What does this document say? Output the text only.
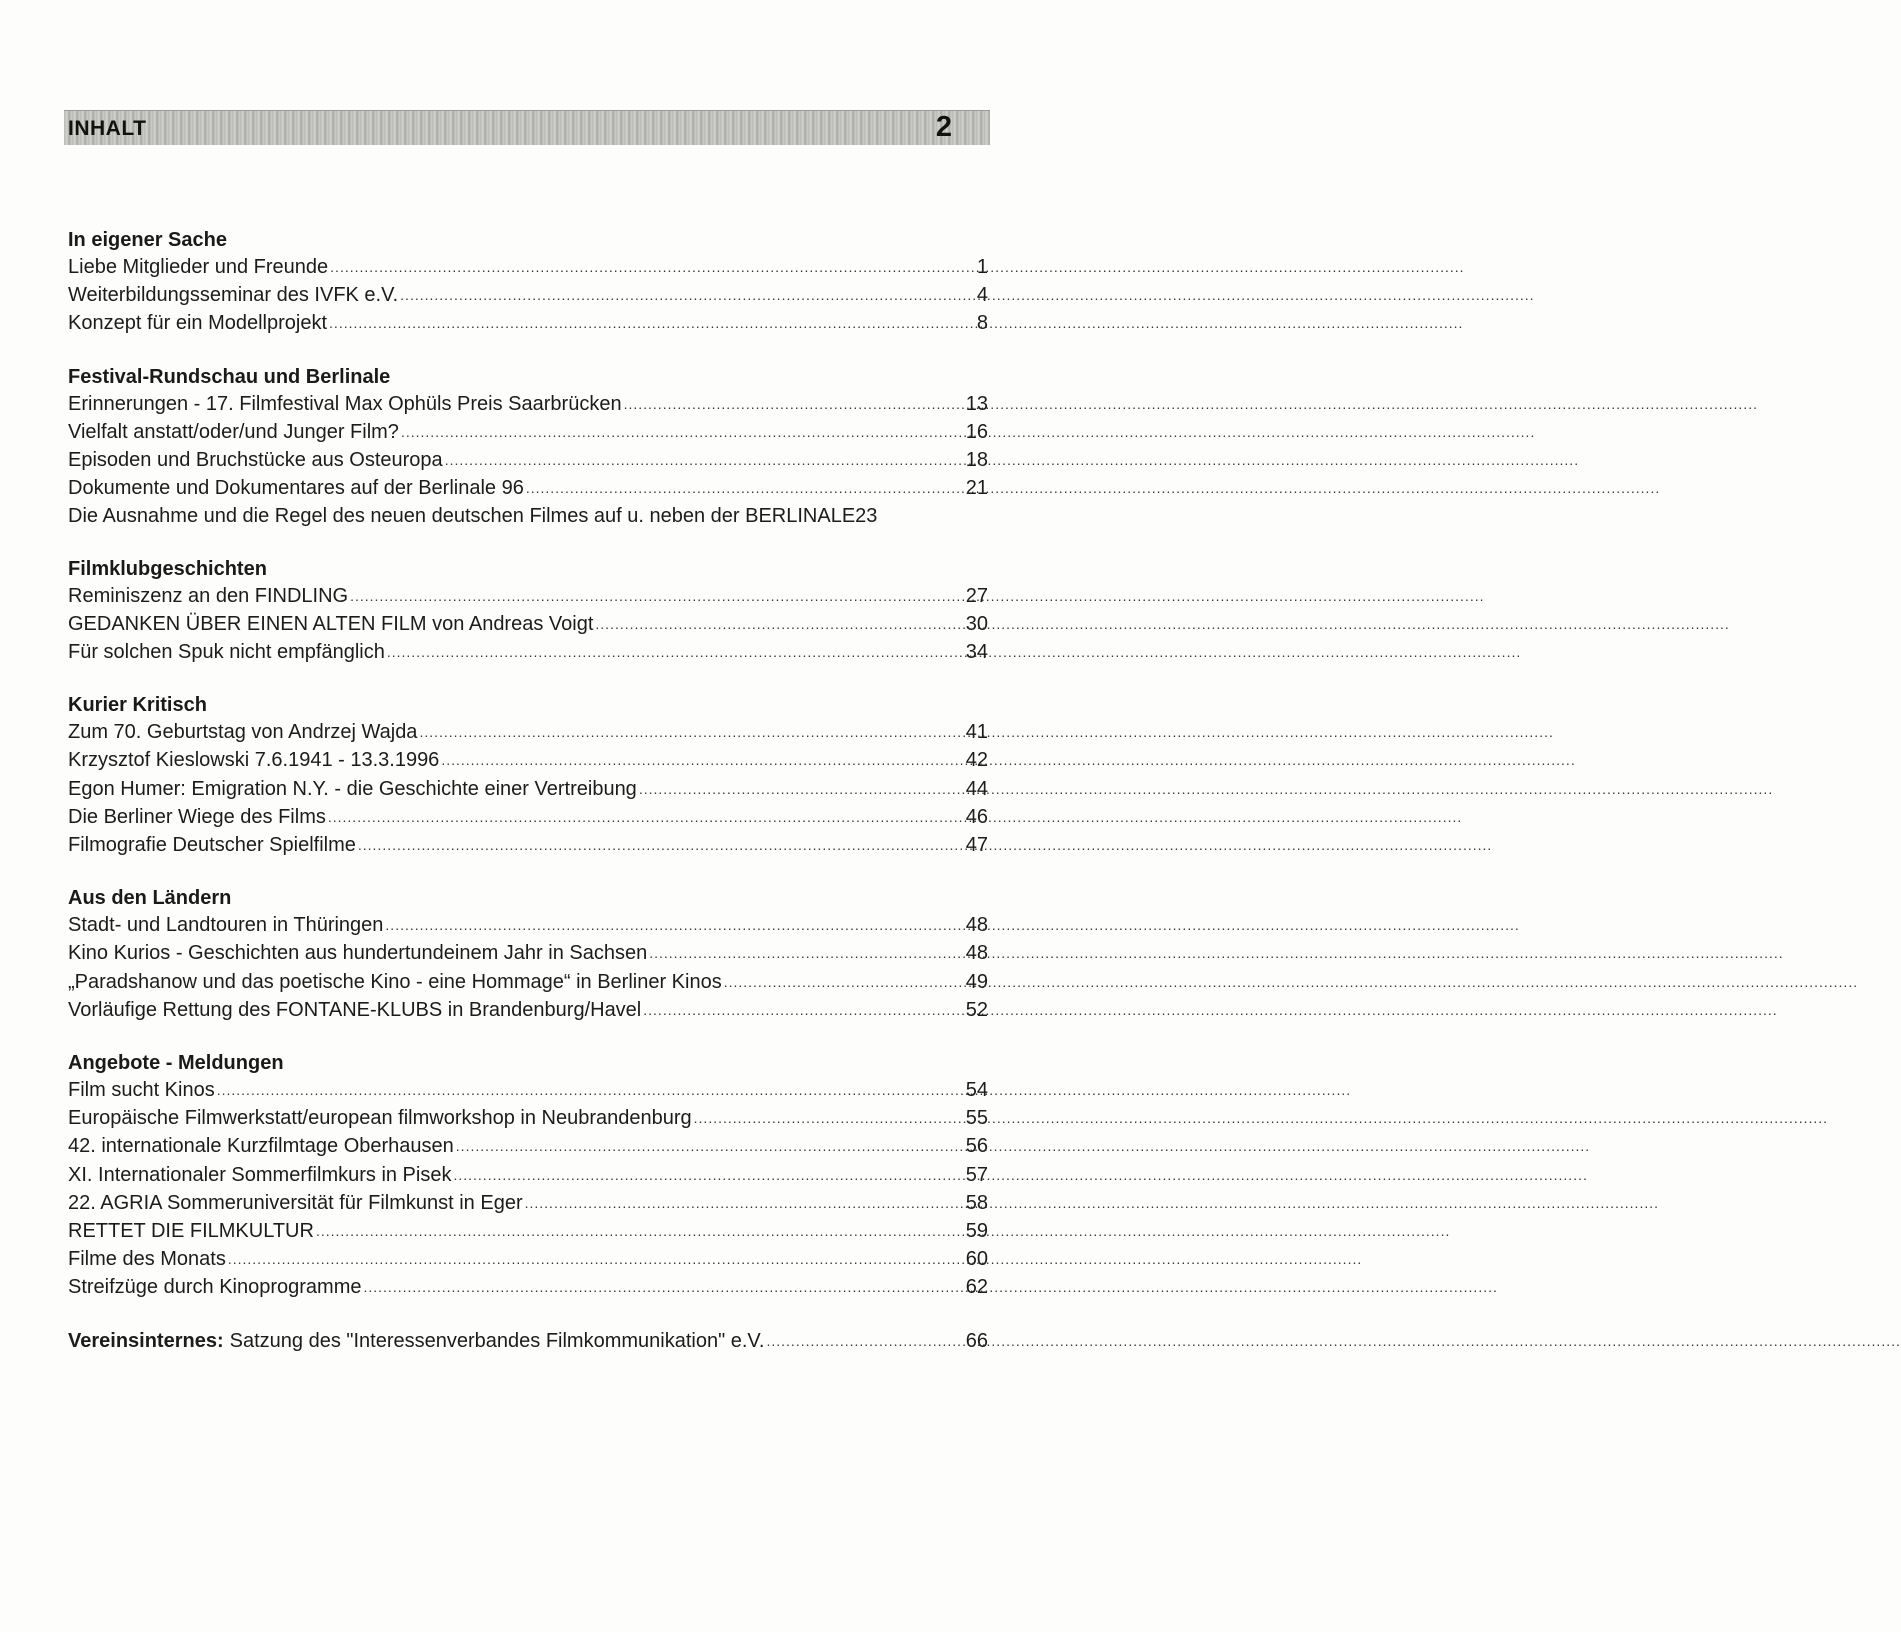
INHALT	2
In eigener Sache
Liebe Mitglieder und Freunde .....	1
Weiterbildungsseminar des IVFK e.V. .....	4
Konzept für ein Modellprojekt .....	8
Festival-Rundschau und Berlinale
Erinnerungen - 17. Filmfestival Max Ophüls Preis Saarbrücken .....	13
Vielfalt anstatt/oder/und Junger Film? .....	16
Episoden und Bruchstücke aus Osteuropa .....	18
Dokumente und Dokumentares auf der Berlinale 96 .....	21
Die Ausnahme und die Regel des neuen deutschen Filmes auf u. neben der BERLINALE 23
Filmklubgeschichten
Reminiszenz an den FINDLING .....	27
GEDANKEN ÜBER EINEN ALTEN FILM von Andreas Voigt .....	30
Für solchen Spuk nicht empfänglich .....	34
Kurier Kritisch
Zum 70. Geburtstag von Andrzej Wajda .....	41
Krzysztof Kieslowski 7.6.1941 - 13.3.1996 .....	42
Egon Humer: Emigration N.Y. - die Geschichte einer Vertreibung .....	44
Die Berliner Wiege des Films .....	46
Filmografie Deutscher Spielfilme .....	47
Aus den Ländern
Stadt- und Landtouren in Thüringen .....	48
Kino Kurios - Geschichten aus hundertundeinem Jahr in Sachsen .....	48
„Paradshanow und das poetische Kino - eine Hommage“ in Berliner Kinos .....	49
Vorläufige Rettung des FONTANE-KLUBS in Brandenburg/Havel .....	52
Angebote - Meldungen
Film sucht Kinos .....	54
Europäische Filmwerkstatt/european filmworkshop in Neubrandenburg .....	55
42. internationale Kurzfilmtage Oberhausen .....	56
XI. Internationaler Sommerfilmkurs in Pisek .....	57
22. AGRIA Sommeruniversität für Filmkunst in Eger .....	58
RETTET DIE FILMKULTUR .....	59
Filme des Monats .....	60
Streifzüge durch Kinoprogramme .....	62
Vereinsinternes: Satzung des "Interessenverbandes Filmkommunikation" e.V. .....	66
